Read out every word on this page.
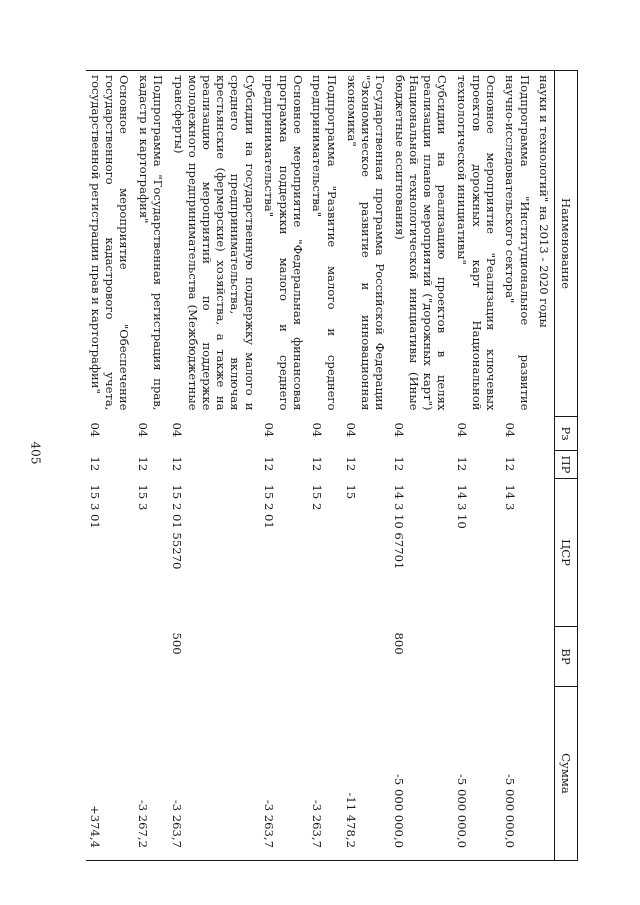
405
Наименование	Рз	ПР	ЦСР	ВР	Сумма
науки и технологий" на 2013 - 2020 годы					
Подпрограмма "Институциональное развитие научно-исследовательского сектора"	04	12	14 3		-5 000 000,0
Основное мероприятие "Реализация ключевых проектов дорожных карт Национальной технологической инициативы"	04	12	14 3 10		-5 000 000,0
Субсидии на реализацию проектов в целях реализации планов мероприятий ("дорожных карт") Национальной технологической инициативы (Иные бюджетные ассигнования)	04	12	14 3 10 67701	800	-5 000 000,0
Государственная программа Российской Федерации "Экономическое развитие и инновационная экономика"	04	12	15		-11 478,2
Подпрограмма "Развитие малого и среднего предпринимательства"	04	12	15 2		-3 263,7
Основное мероприятие "Федеральная финансовая программа поддержки малого и среднего предпринимательства"	04	12	15 2 01		-3 263,7
Субсидии на государственную поддержку малого и среднего предпринимательства, включая крестьянские (фермерские) хозяйства, а также на реализацию мероприятий по поддержке молодежного предпринимательства (Межбюджетные трансферты)	04	12	15 2 01 55270	500	-3 263,7
Подпрограмма "Государственная регистрация прав, кадастр и картография"	04	12	15 3		-3 267,2
Основное мероприятие "Обеспечение государственного кадастрового учета, государственной регистрации прав и картографии"	04	12	15 3 01		+374,4
